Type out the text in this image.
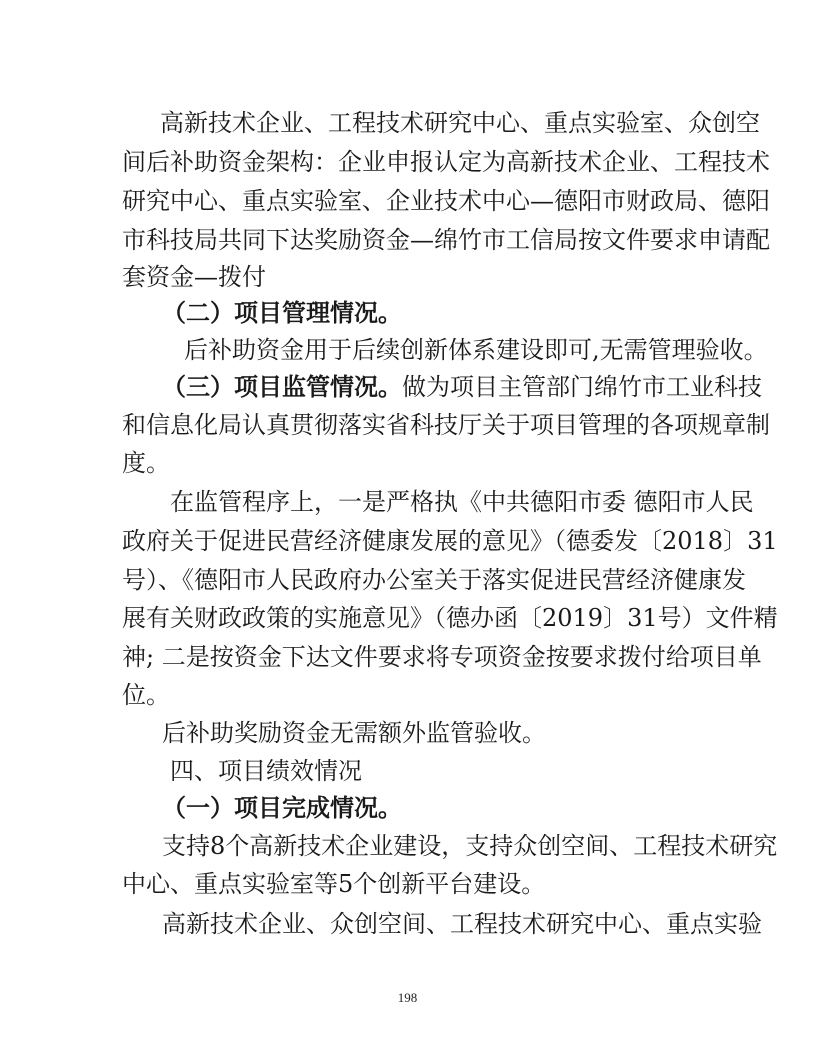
高新技术企业、工程技术研究中心、重点实验室、众创空

间后补助资金架构：企业申报认定为高新技术企业、工程技术

研究中心、重点实验室、企业技术中心—德阳市财政局、德阳

市科技局共同下达奖励资金—绵竹市工信局按文件要求申请配

套资金—拨付

（二）项目管理情况。

后补助资金用于后续创新体系建设即可,无需管理验收。

（三）项目监管情况。 做为项目主管部门绵竹市工业科技

和信息化局认真贯彻落实省科技厅关于项目管理的各项规章制

度。

在监管程序上，一是严格执《中共德阳市委 德阳市人民

政府关于促进民营经济健康发展的意见》（德委发〔2018〕31

号）、《德阳市人民政府办公室关于落实促进民营经济健康发

展有关财政政策的实施意见》（德办函〔2019〕31号）文件精

神; 二是按资金下达文件要求将专项资金按要求拨付给项目单

位。

后补助奖励资金无需额外监管验收。

四、项目绩效情况

（一）项目完成情况。

支持8个高新技术企业建设，支持众创空间、工程技术研究

中心、重点实验室等5个创新平台建设。

高新技术企业、众创空间、工程技术研究中心、重点实验

198
